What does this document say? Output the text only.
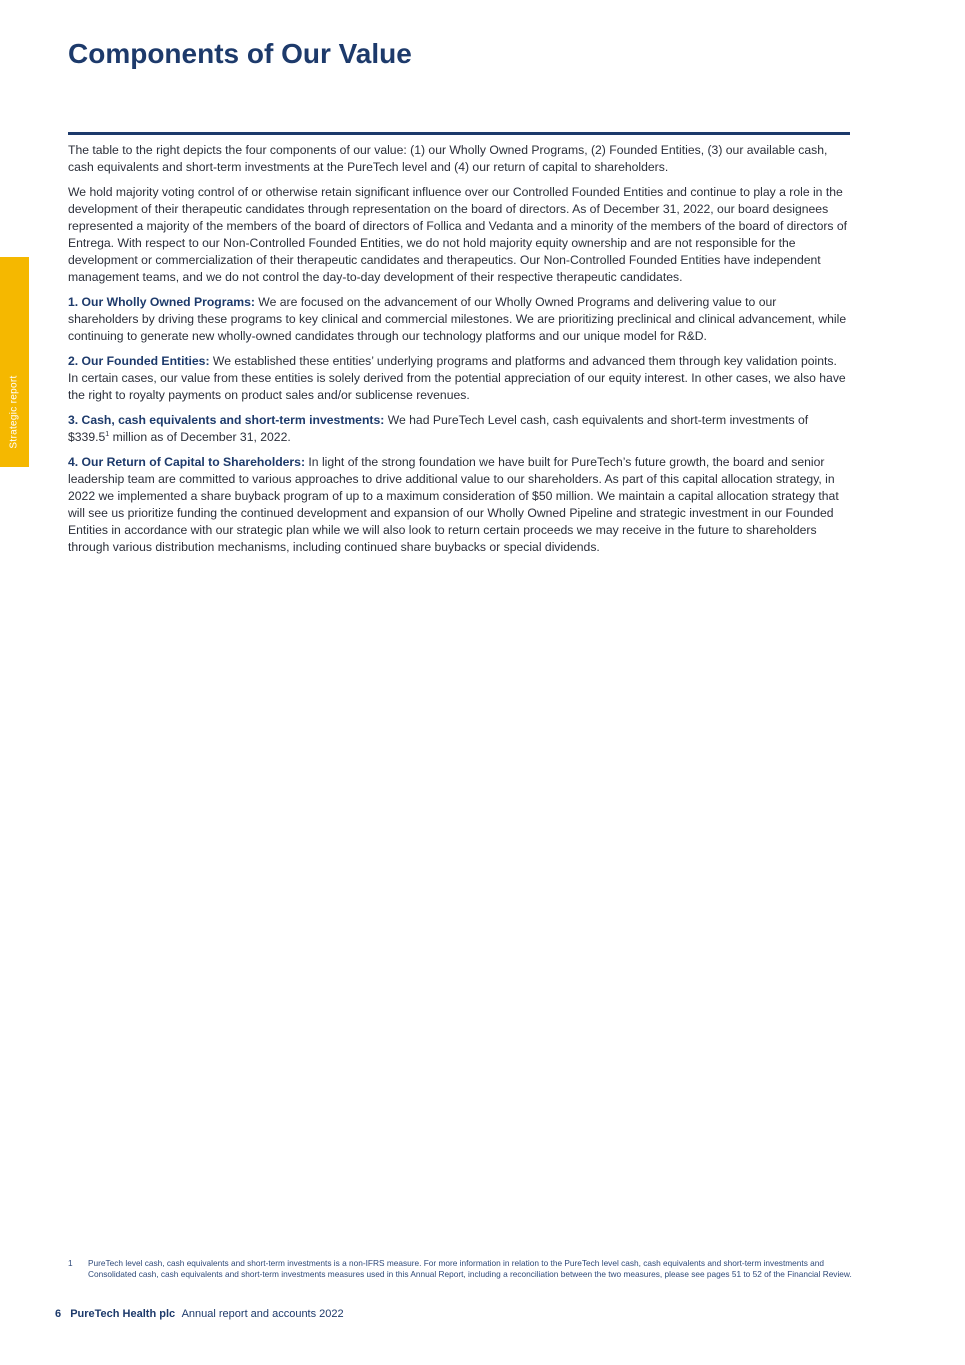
Strategic report
Components of Our Value

The table to the right depicts the four components of our value: (1) our Wholly Owned Programs, (2) Founded Entities, (3) our available cash, cash equivalents and short-term investments at the PureTech level and (4) our return of capital to shareholders.

We hold majority voting control of or otherwise retain significant influence over our Controlled Founded Entities and continue to play a role in the development of their therapeutic candidates through representation on the board of directors. As of December 31, 2022, our board designees represented a majority of the members of the board of directors of Follica and Vedanta and a minority of the members of the board of directors of Entrega. With respect to our Non-Controlled Founded Entities, we do not hold majority equity ownership and are not responsible for the development or commercialization of their therapeutic candidates and therapeutics. Our Non-Controlled Founded Entities have independent management teams, and we do not control the day-to-day development of their respective therapeutic candidates.

1. Our Wholly Owned Programs: We are focused on the advancement of our Wholly Owned Programs and delivering value to our shareholders by driving these programs to key clinical and commercial milestones. We are prioritizing preclinical and clinical advancement, while continuing to generate new wholly-owned candidates through our technology platforms and our unique model for R&D.

2. Our Founded Entities: We established these entities’ underlying programs and platforms and advanced them through key validation points. In certain cases, our value from these entities is solely derived from the potential appreciation of our equity interest. In other cases, we also have the right to royalty payments on product sales and/or sublicense revenues.

3. Cash, cash equivalents and short-term investments: We had PureTech Level cash, cash equivalents and short-term investments of $339.5$^1$ million as of December 31, 2022.

4. Our Return of Capital to Shareholders: In light of the strong foundation we have built for PureTech’s future growth, the board and senior leadership team are committed to various approaches to drive additional value to our shareholders. As part of this capital allocation strategy, in 2022 we implemented a share buyback program of up to a maximum consideration of $50 million. We maintain a capital allocation strategy that will see us prioritize funding the continued development and expansion of our Wholly Owned Pipeline and strategic investment in our Founded Entities in accordance with our strategic plan while we will also look to return certain proceeds we may receive in the future to shareholders through various distribution mechanisms, including continued share buybacks or special dividends.

1 PureTech level cash, cash equivalents and short-term investments is a non-IFRS measure. For more information in relation to the PureTech level cash, cash equivalents and short-term investments and Consolidated cash, cash equivalents and short-term investments measures used in this Annual Report, including a reconciliation between the two measures, please see pages 51 to 52 of the Financial Review.
6 PureTech Health plc Annual report and accounts 2022
